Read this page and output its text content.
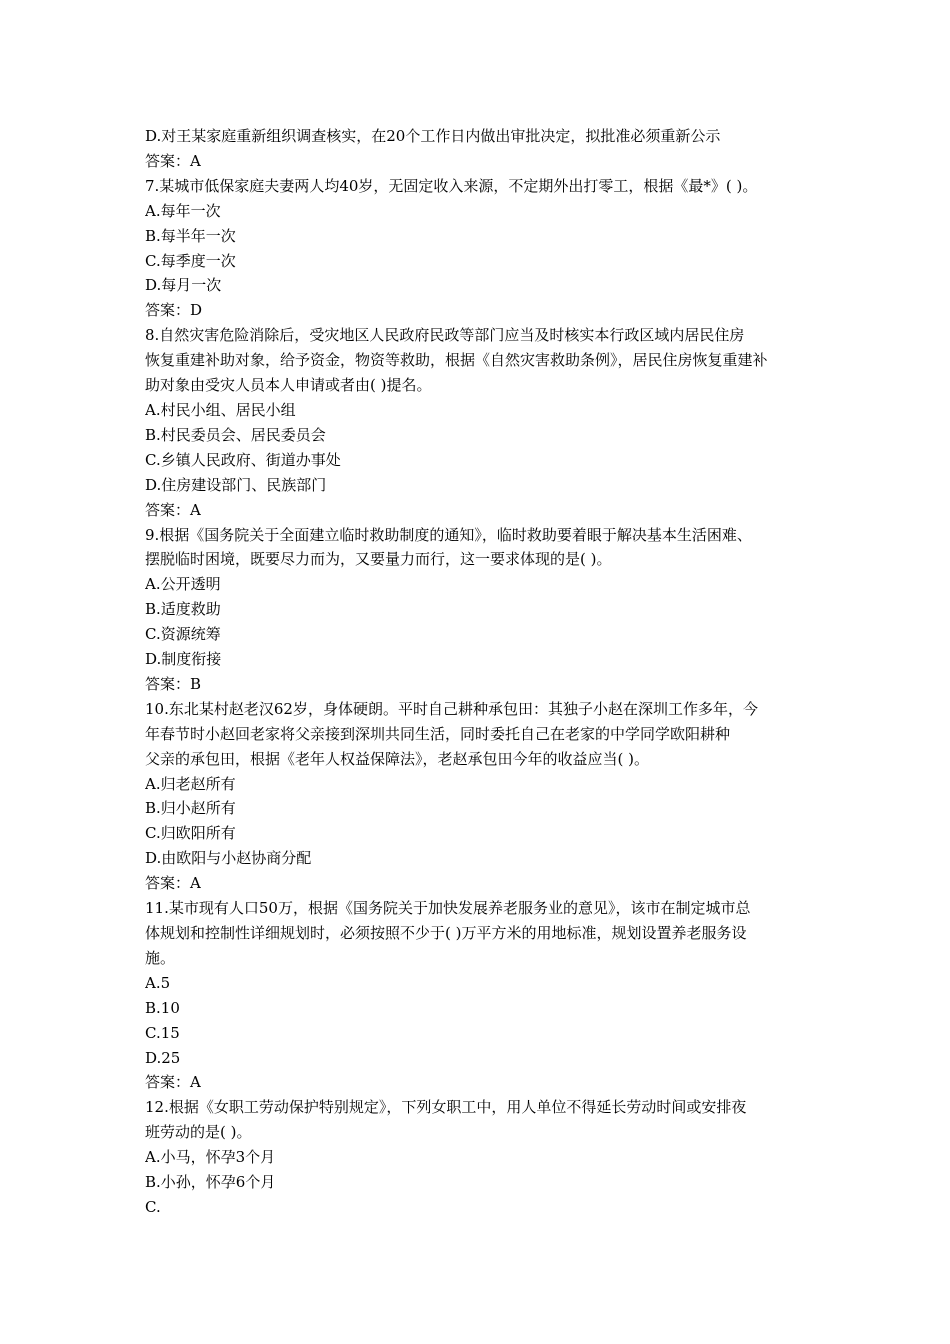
D.对王某家庭重新组织调查核实，在20个工作日内做出审批决定，拟批准必须重新公示

答案：A

7.某城市低保家庭夫妻两人均40岁，无固定收入来源，不定期外出打零工，根据《最*》( )。

A.每年一次

B.每半年一次

C.每季度一次

D.每月一次

答案：D

8.自然灾害危险消除后，受灾地区人民政府民政等部门应当及时核实本行政区域内居民住房

恢复重建补助对象，给予资金，物资等救助，根据《自然灾害救助条例》，居民住房恢复重建补

助对象由受灾人员本人申请或者由( )提名。

A.村民小组、居民小组

B.村民委员会、居民委员会

C.乡镇人民政府、街道办事处

D.住房建设部门、民族部门

答案：A

9.根据《国务院关于全面建立临时救助制度的通知》，临时救助要着眼于解决基本生活困难、

摆脱临时困境，既要尽力而为，又要量力而行，这一要求体现的是( )。

A.公开透明

B.适度救助

C.资源统筹

D.制度衔接

答案：B

10.东北某村赵老汉62岁，身体硬朗。平时自己耕种承包田：其独子小赵在深圳工作多年，今

年春节时小赵回老家将父亲接到深圳共同生活，同时委托自己在老家的中学同学欧阳耕种

父亲的承包田，根据《老年人权益保障法》，老赵承包田今年的收益应当( )。

A.归老赵所有

B.归小赵所有

C.归欧阳所有

D.由欧阳与小赵协商分配

答案：A

11.某市现有人口50万，根据《国务院关于加快发展养老服务业的意见》，该市在制定城市总

体规划和控制性详细规划时，必须按照不少于( )万平方米的用地标准，规划设置养老服务设

施。

A.5

B.10

C.15

D.25

答案：A

12.根据《女职工劳动保护特别规定》，下列女职工中，用人单位不得延长劳动时间或安排夜

班劳动的是( )。

A.小马，怀孕3个月

B.小孙，怀孕6个月

C.
